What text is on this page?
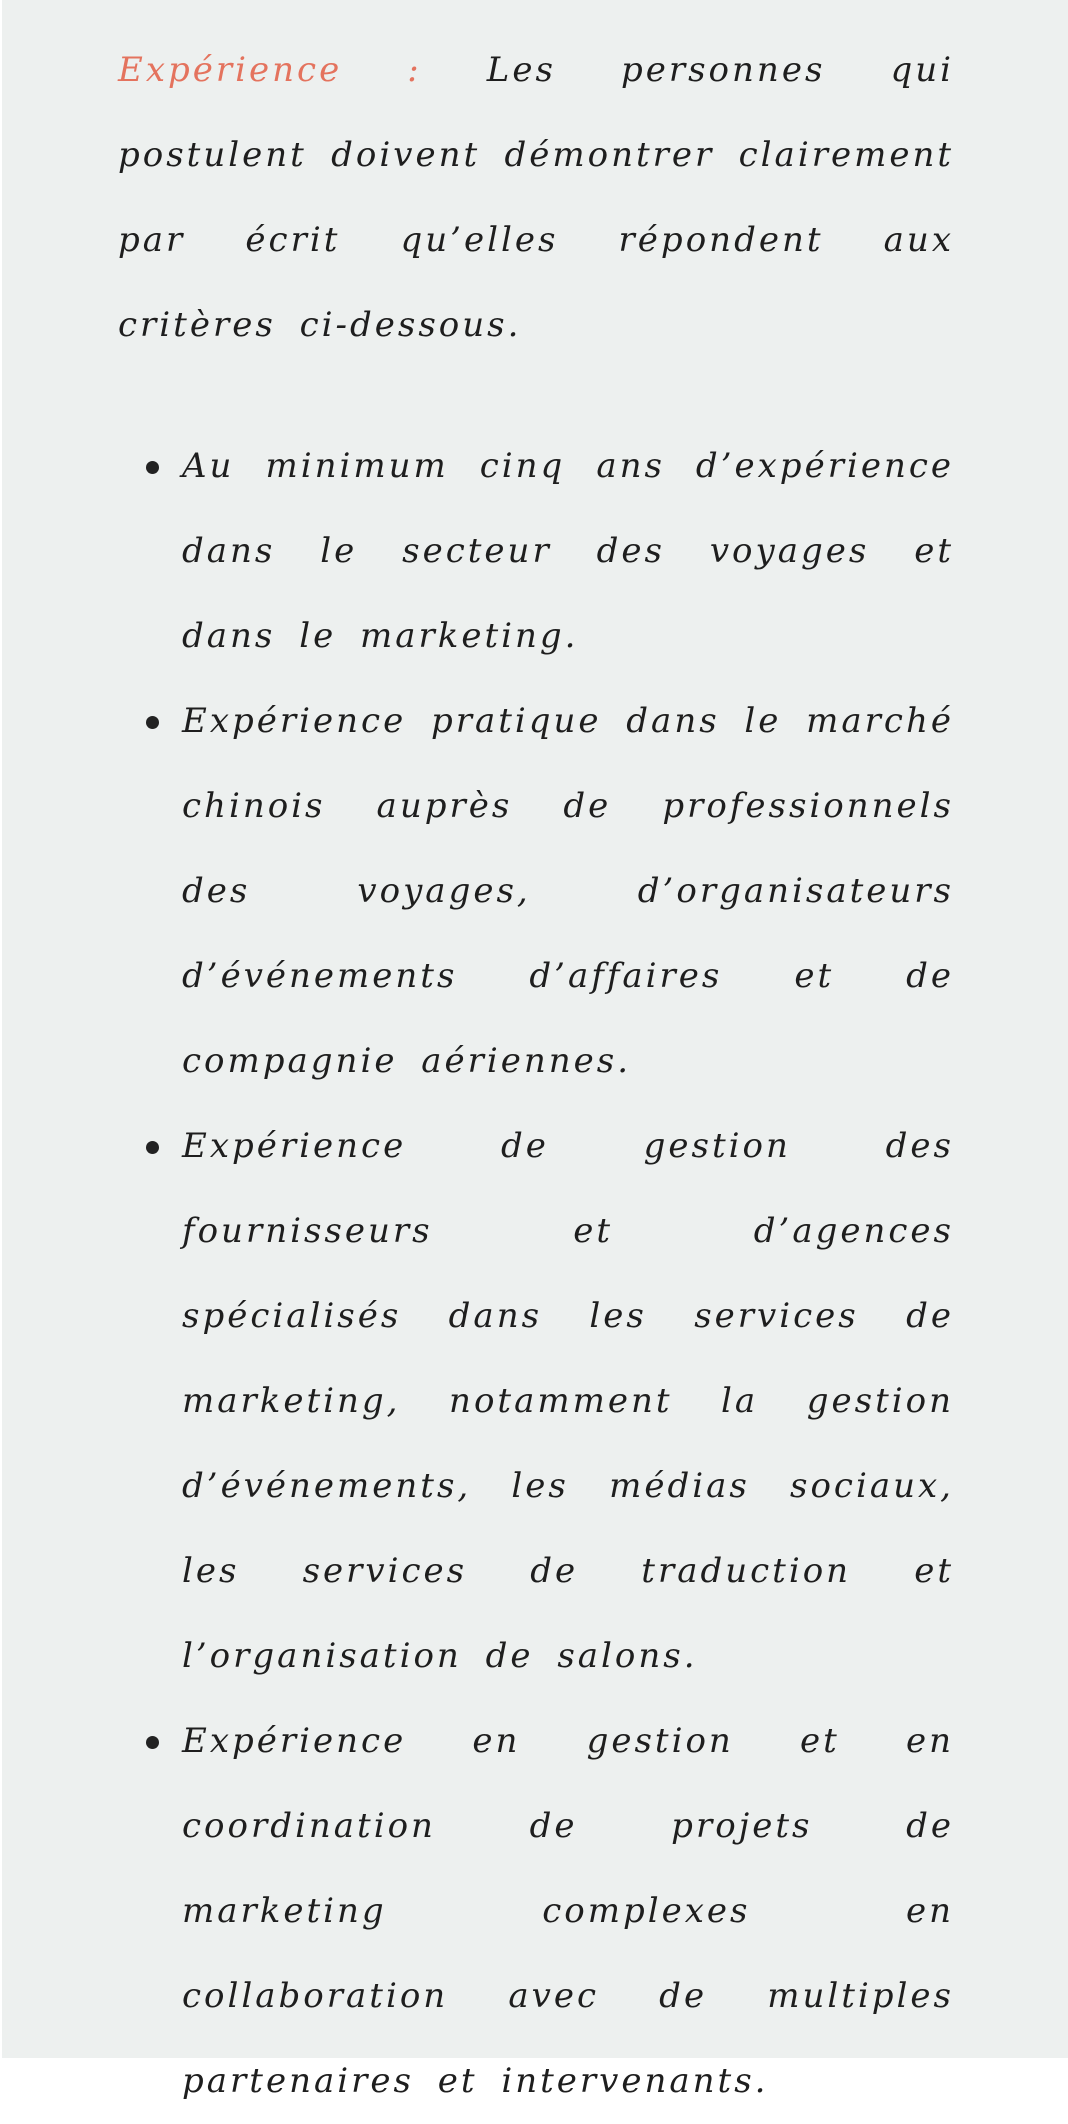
Expérience : Les personnes qui postulent doivent démontrer clairement par écrit qu’elles répondent aux critères ci-dessous.

Au minimum cinq ans d’expérience dans le secteur des voyages et dans le marketing.
Expérience pratique dans le marché chinois auprès de professionnels des voyages, d’organisateurs d’événements d’affaires et de compagnie aériennes.
Expérience de gestion des fournisseurs et d’agences spécialisés dans les services de marketing, notamment la gestion d’événements, les médias sociaux, les services de traduction et l’organisation de salons.
Expérience en gestion et en coordination de projets de marketing complexes en collaboration avec de multiples partenaires et intervenants.
